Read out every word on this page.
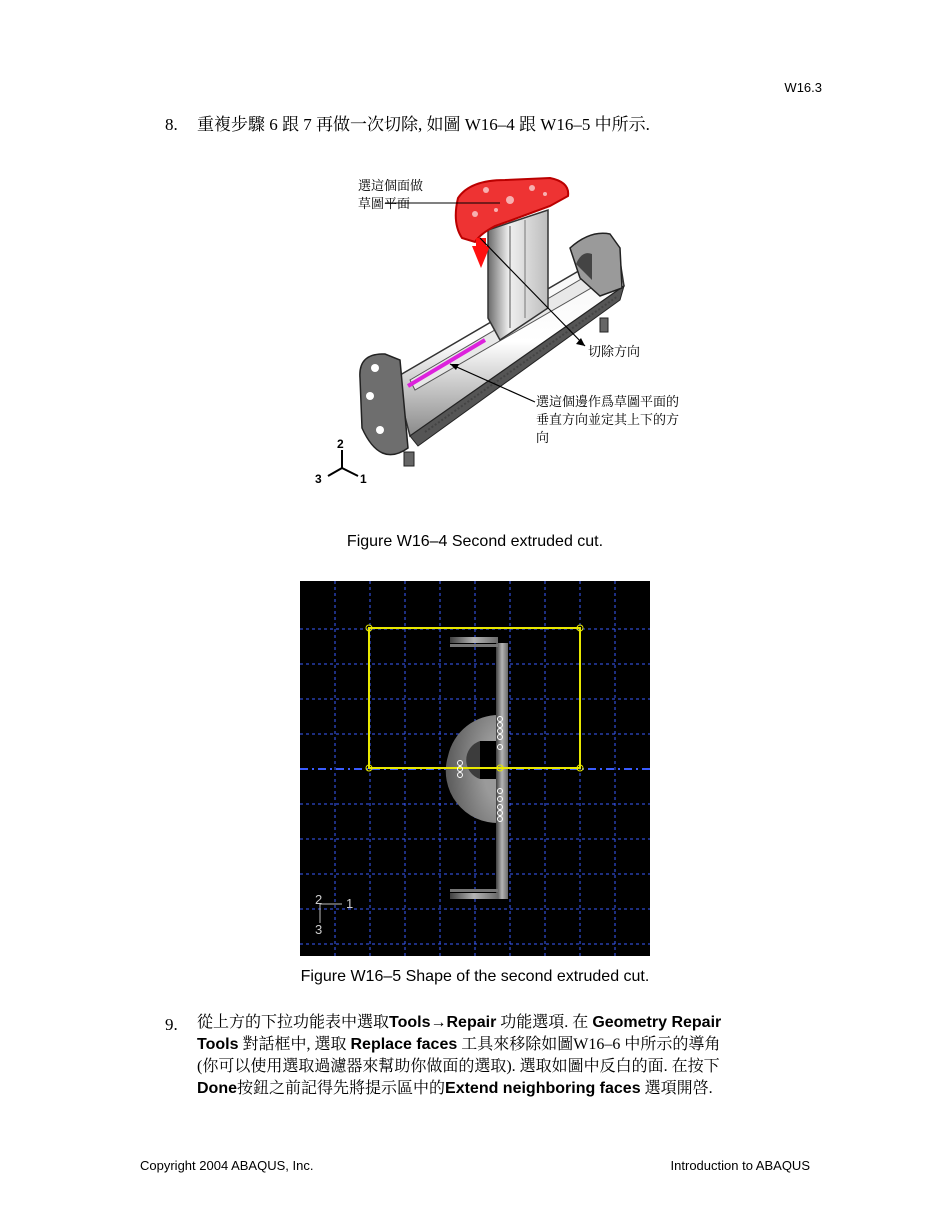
W16.3
8. 重複步驟 6 跟 7 再做一次切除, 如圖 W16–4 跟 W16–5 中所示.
選這個面做
草圖平面
切除方向
選這個邊作爲草圖平面的
垂直方向並定其上下的方
向
2
3	1
Figure W16–4 Second extruded cut.
2 1
3
Figure W16–5 Shape of the second extruded cut.
9. 從上方的下拉功能表中選取Tools→Repair 功能選項. 在 Geometry Repair
Tools 對話框中, 選取 Replace faces 工具來移除如圖W16–6 中所示的導角
(你可以使用選取過濾器來幫助你做面的選取). 選取如圖中反白的面. 在按下
Done按鈕之前記得先將提示區中的Extend neighboring faces 選項開啓.
Copyright 2004 ABAQUS, Inc.	Introduction to ABAQUS
